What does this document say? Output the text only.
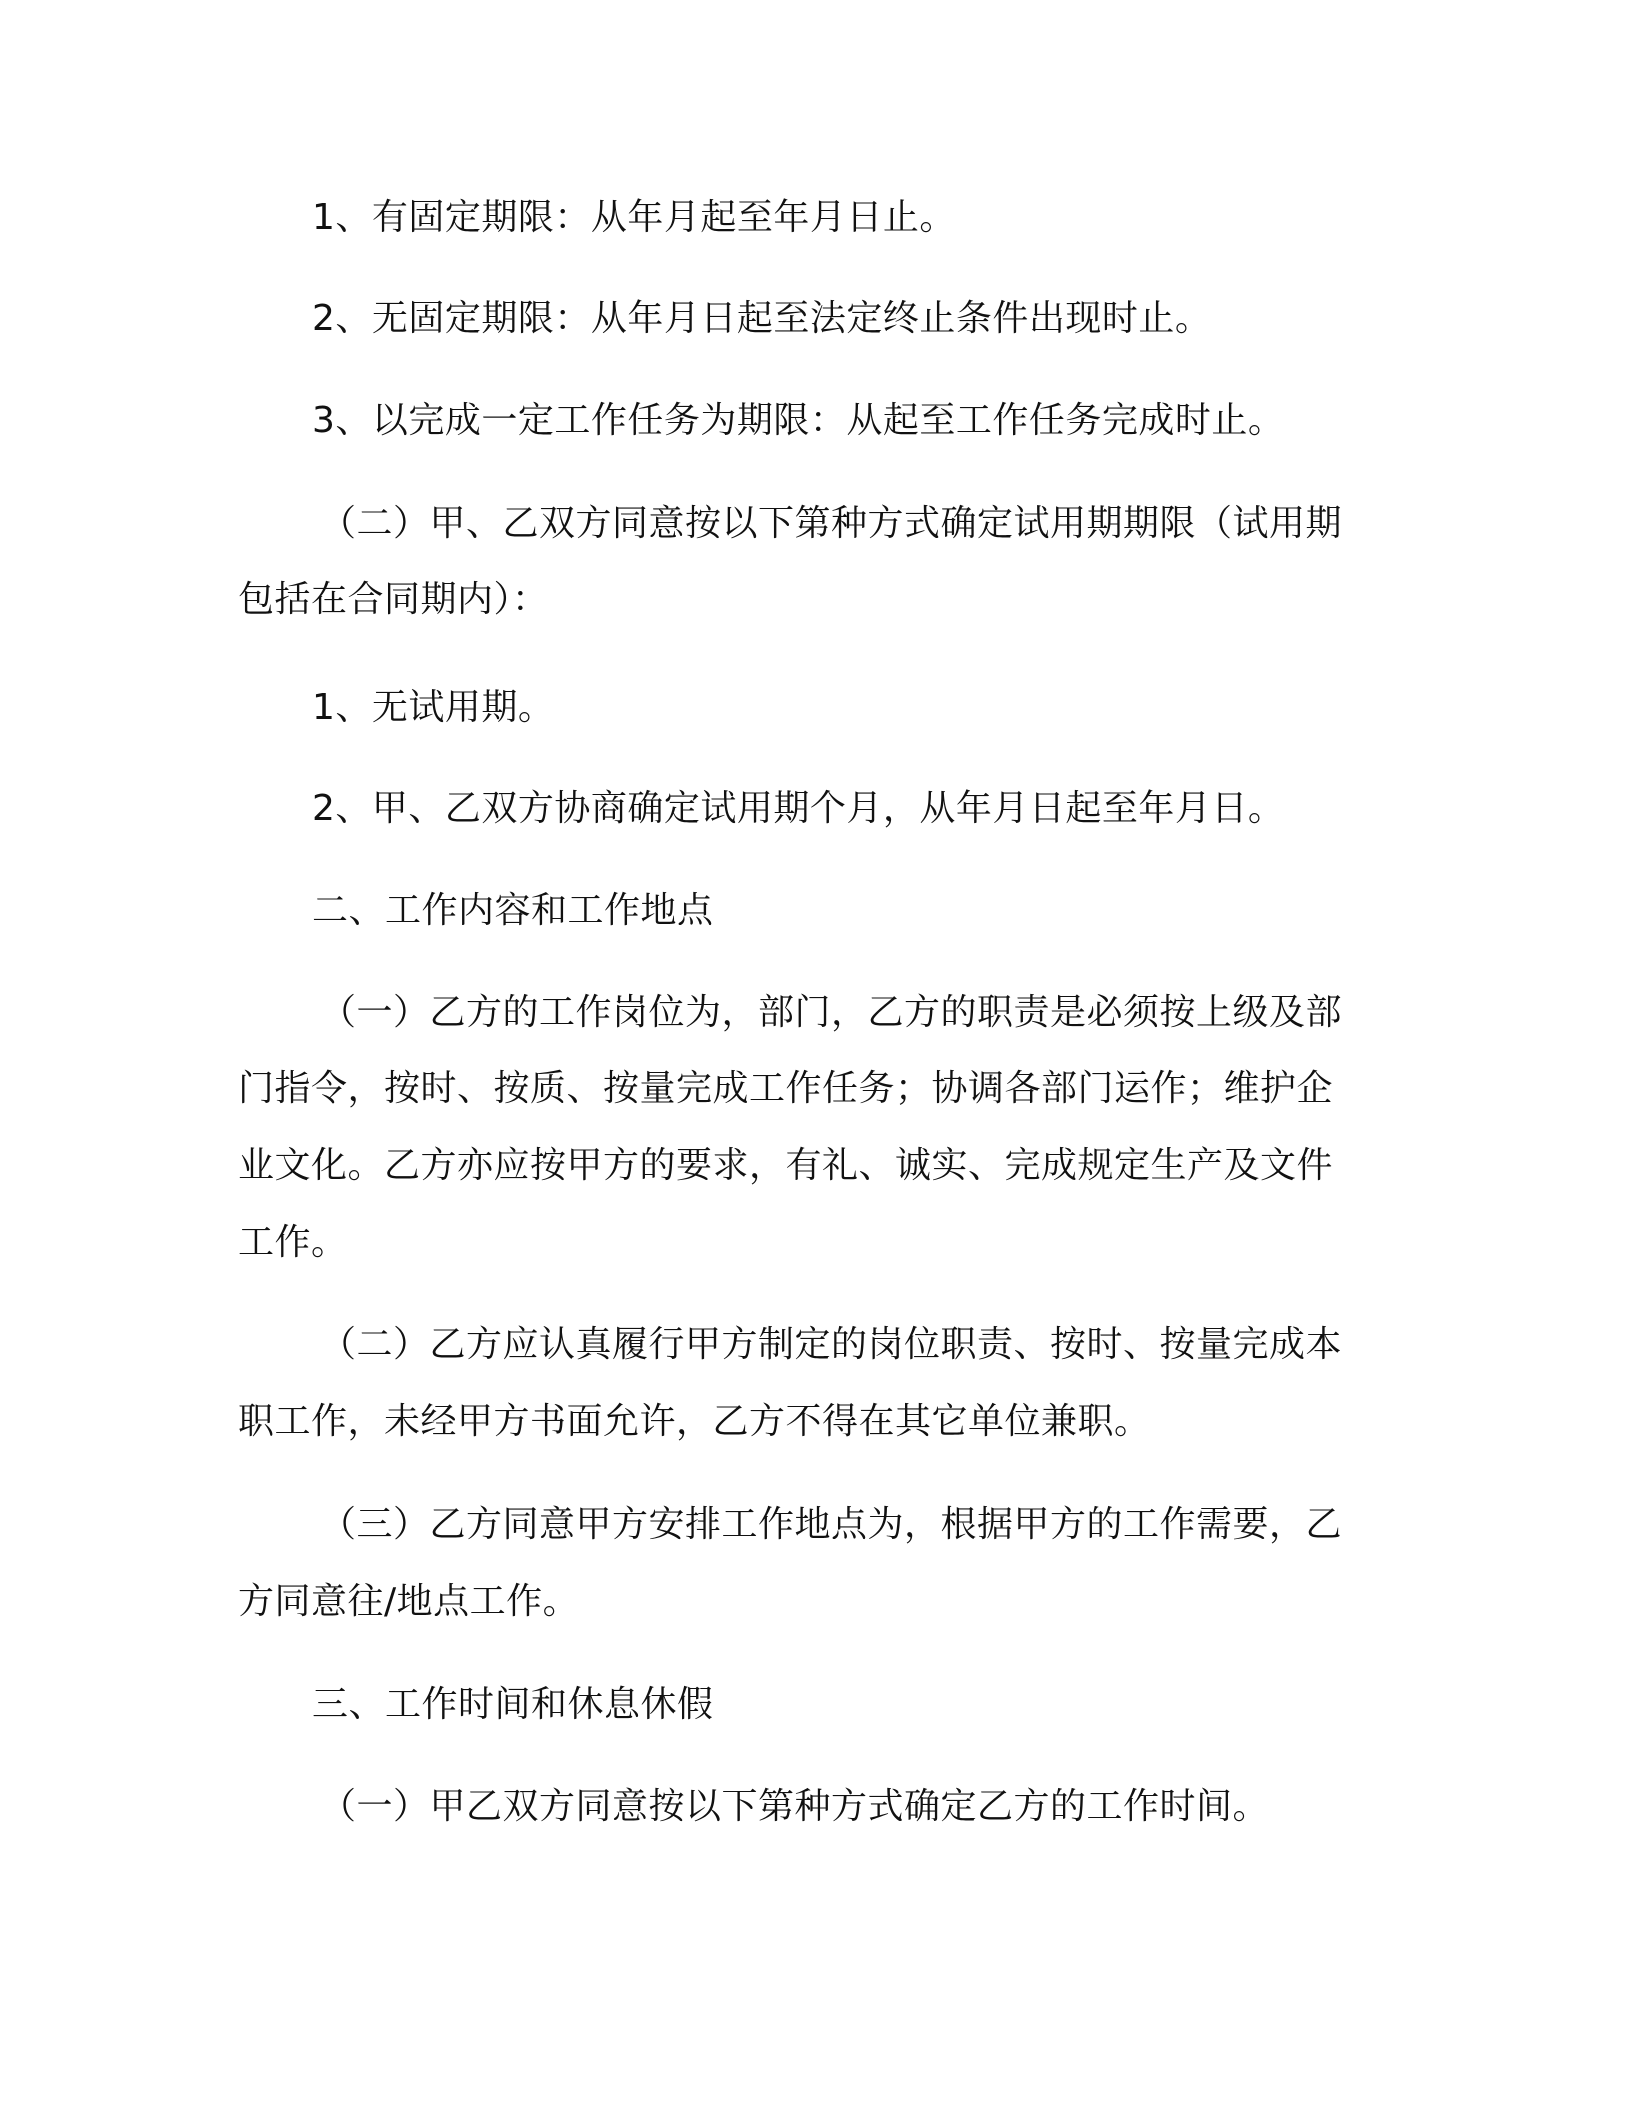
1、有固定期限：从年月起至年月日止。
2、无固定期限：从年月日起至法定终止条件出现时止。
3、以完成一定工作任务为期限：从起至工作任务完成时止。
（二）甲、乙双方同意按以下第种方式确定试用期期限（试用期
包括在合同期内）：
1、无试用期。
2、甲、乙双方协商确定试用期个月，从年月日起至年月日。
二、工作内容和工作地点
（一）乙方的工作岗位为，部门，乙方的职责是必须按上级及部
门指令，按时、按质、按量完成工作任务；协调各部门运作；维护企
业文化。乙方亦应按甲方的要求，有礼、诚实、完成规定生产及文件
工作。
（二）乙方应认真履行甲方制定的岗位职责、按时、按量完成本
职工作，未经甲方书面允许，乙方不得在其它单位兼职。
（三）乙方同意甲方安排工作地点为，根据甲方的工作需要，乙
方同意往/地点工作。
三、工作时间和休息休假
（一）甲乙双方同意按以下第种方式确定乙方的工作时间。
